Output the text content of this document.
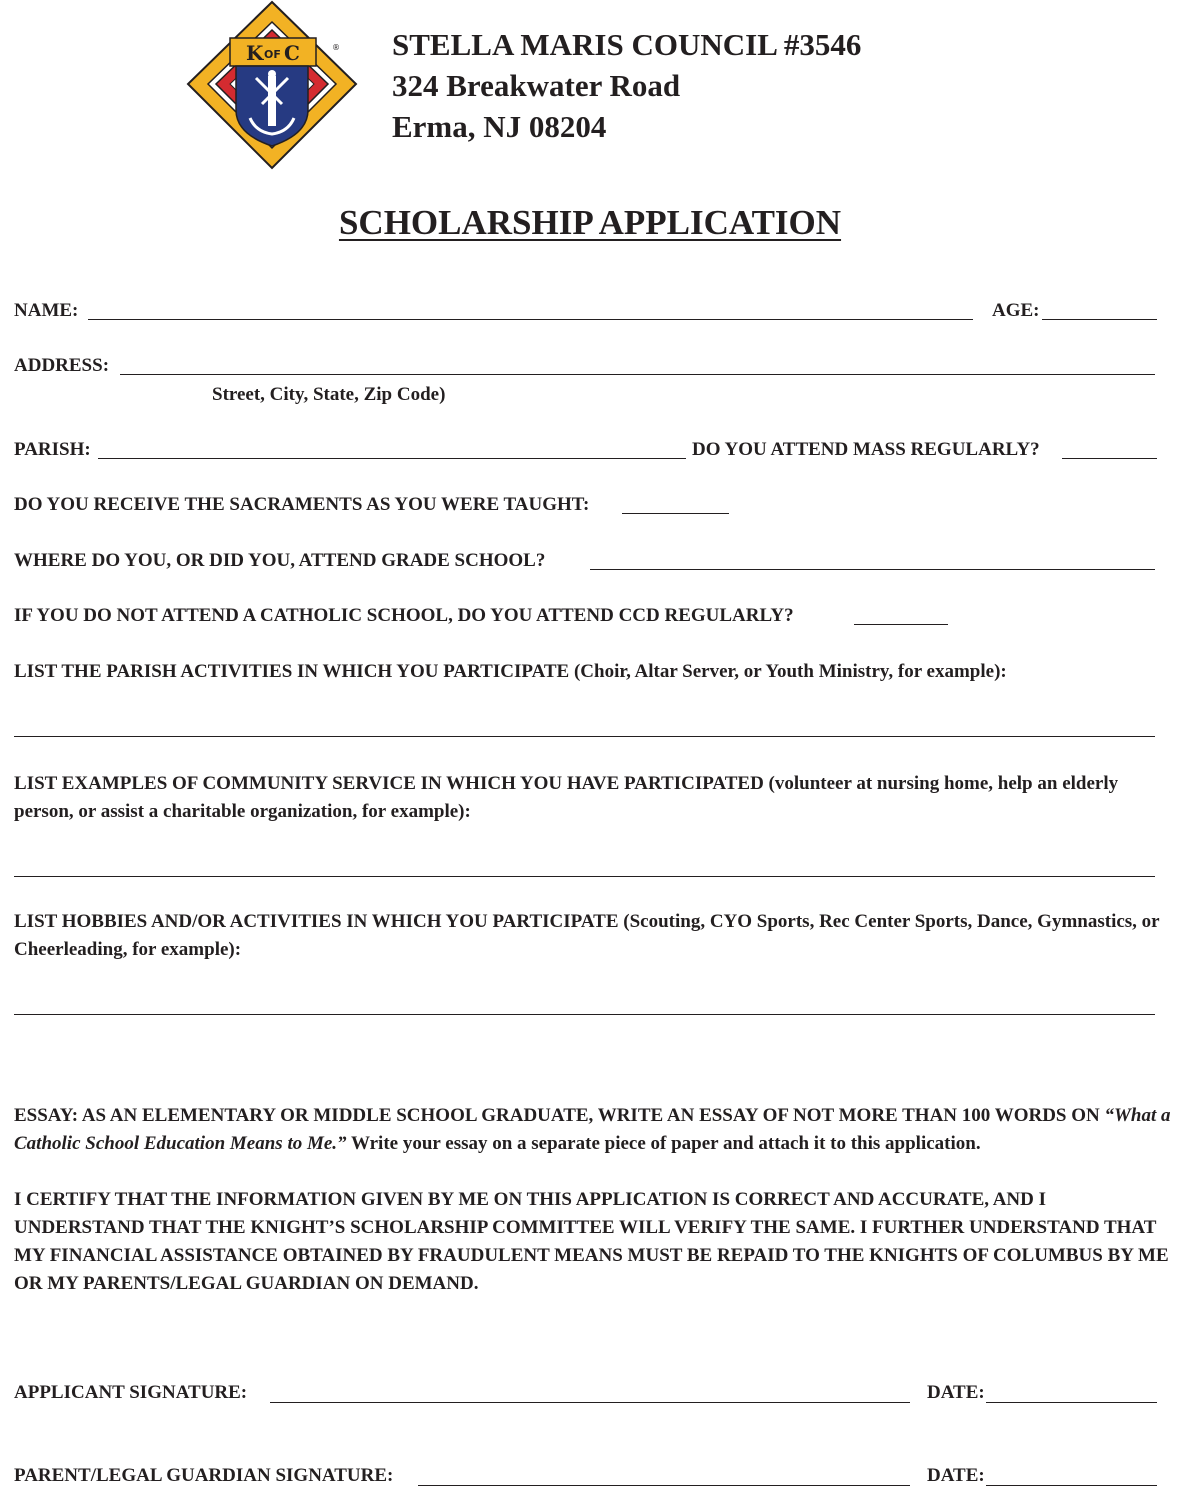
K OF C	® STELLA MARIS COUNCIL #3546
324 Breakwater Road
Erma, NJ 08204
SCHOLARSHIP APPLICATION
NAME:	AGE:
ADDRESS:
Street, City, State, Zip Code)
PARISH:	DO YOU ATTEND MASS REGULARLY?
DO YOU RECEIVE THE SACRAMENTS AS YOU WERE TAUGHT:
WHERE DO YOU, OR DID YOU, ATTEND GRADE SCHOOL?
IF YOU DO NOT ATTEND A CATHOLIC SCHOOL, DO YOU ATTEND CCD REGULARLY?
LIST THE PARISH ACTIVITIES IN WHICH YOU PARTICIPATE (Choir, Altar Server, or Youth Ministry, for example):
LIST EXAMPLES OF COMMUNITY SERVICE IN WHICH YOU HAVE PARTICIPATED (volunteer at nursing home, help an elderly person, or assist a charitable organization, for example):
LIST HOBBIES AND/OR ACTIVITIES IN WHICH YOU PARTICIPATE (Scouting, CYO Sports, Rec Center Sports, Dance, Gymnastics, or Cheerleading, for example):
ESSAY: AS AN ELEMENTARY OR MIDDLE SCHOOL GRADUATE, WRITE AN ESSAY OF NOT MORE THAN 100 WORDS ON “What a Catholic School Education Means to Me.” Write your essay on a separate piece of paper and attach it to this application.
I CERTIFY THAT THE INFORMATION GIVEN BY ME ON THIS APPLICATION IS CORRECT AND ACCURATE, AND I UNDERSTAND THAT THE KNIGHT’S SCHOLARSHIP COMMITTEE WILL VERIFY THE SAME. I FURTHER UNDERSTAND THAT MY FINANCIAL ASSISTANCE OBTAINED BY FRAUDULENT MEANS MUST BE REPAID TO THE KNIGHTS OF COLUMBUS BY ME OR MY PARENTS/LEGAL GUARDIAN ON DEMAND.
APPLICANT SIGNATURE:	DATE:
PARENT/LEGAL GUARDIAN SIGNATURE:	DATE:
